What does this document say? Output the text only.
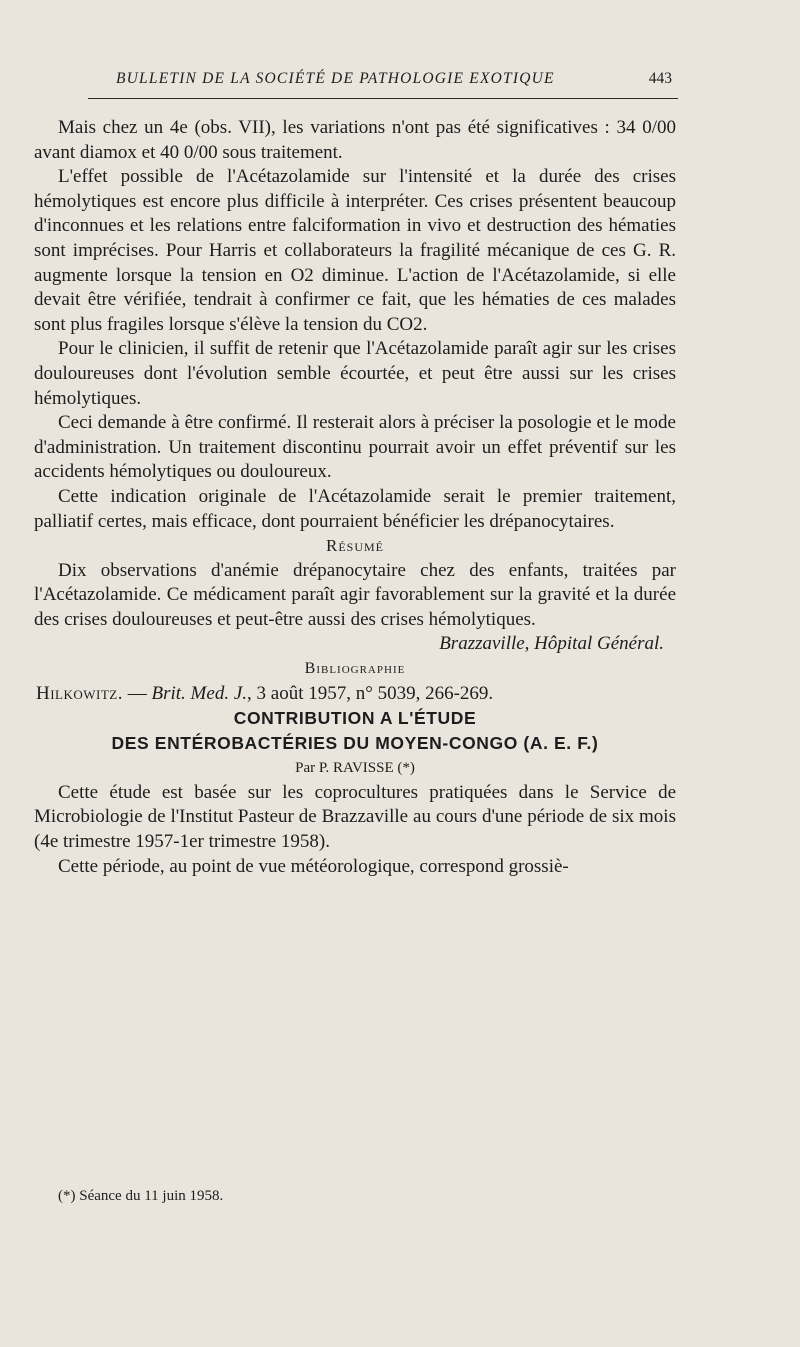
BULLETIN DE LA SOCIÉTÉ DE PATHOLOGIE EXOTIQUE	443

Mais chez un 4e (obs. VII), les variations n'ont pas été significatives : 34 0/00 avant diamox et 40 0/00 sous traitement.

L'effet possible de l'Acétazolamide sur l'intensité et la durée des crises hémolytiques est encore plus difficile à interpréter. Ces crises présentent beaucoup d'inconnues et les relations entre falciformation in vivo et destruction des hématies sont imprécises. Pour Harris et collaborateurs la fragilité mécanique de ces G. R. augmente lorsque la tension en O2 diminue. L'action de l'Acétazolamide, si elle devait être vérifiée, tendrait à confirmer ce fait, que les hématies de ces malades sont plus fragiles lorsque s'élève la tension du CO2.

Pour le clinicien, il suffit de retenir que l'Acétazolamide paraît agir sur les crises douloureuses dont l'évolution semble écourtée, et peut être aussi sur les crises hémolytiques.

Ceci demande à être confirmé. Il resterait alors à préciser la posologie et le mode d'administration. Un traitement discontinu pourrait avoir un effet préventif sur les accidents hémolytiques ou douloureux.

Cette indication originale de l'Acétazolamide serait le premier traitement, palliatif certes, mais efficace, dont pourraient bénéficier les drépanocytaires.

Résumé

Dix observations d'anémie drépanocytaire chez des enfants, traitées par l'Acétazolamide. Ce médicament paraît agir favorablement sur la gravité et la durée des crises douloureuses et peut-être aussi des crises hémolytiques.

Brazzaville, Hôpital Général.

Bibliographie

Hilkowitz. — Brit. Med. J., 3 août 1957, n° 5039, 266-269.

CONTRIBUTION A L'ÉTUDE
DES ENTÉROBACTÉRIES DU MOYEN-CONGO (A. E. F.)

Par P. RAVISSE (*)

Cette étude est basée sur les coprocultures pratiquées dans le Service de Microbiologie de l'Institut Pasteur de Brazzaville au cours d'une période de six mois (4e trimestre 1957-1er trimestre 1958).

Cette période, au point de vue météorologique, correspond grossiè-

(*) Séance du 11 juin 1958.
